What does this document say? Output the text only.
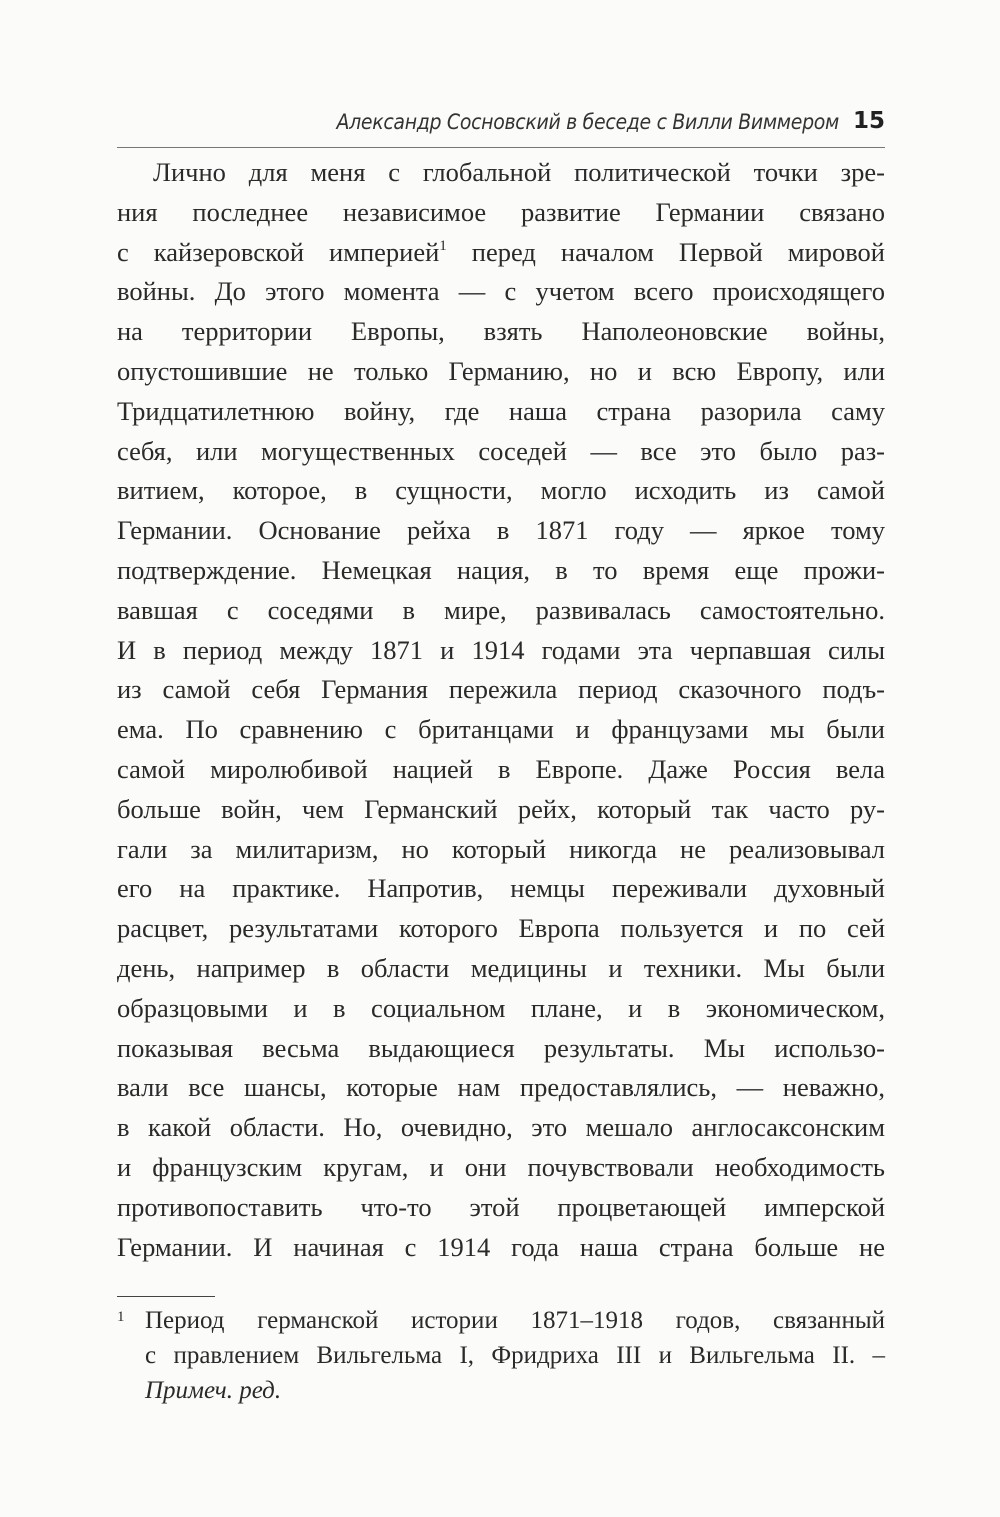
Александр Сосновский в беседе с Вилли Виммером 15
Лично для меня с глобальной политической точки зре-
ния последнее независимое развитие Германии связано
с кайзеровской империей$^1$ перед началом Первой мировой
войны. До этого момента — с учетом всего происходящего
на территории Европы, взять Наполеоновские войны,
опустошившие не только Германию, но и всю Европу, или
Тридцатилетнюю войну, где наша страна разорила саму
себя, или могущественных соседей — все это было раз-
витием, которое, в сущности, могло исходить из самой
Германии. Основание рейха в 1871 году — яркое тому
подтверждение. Немецкая нация, в то время еще прожи-
вавшая с соседями в мире, развивалась самостоятельно.
И в период между 1871 и 1914 годами эта черпавшая силы
из самой себя Германия пережила период сказочного подъ-
ема. По сравнению с британцами и французами мы были
самой миролюбивой нацией в Европе. Даже Россия вела
больше войн, чем Германский рейх, который так часто ру-
гали за милитаризм, но который никогда не реализовывал
его на практике. Напротив, немцы переживали духовный
расцвет, результатами которого Европа пользуется и по сей
день, например в области медицины и техники. Мы были
образцовыми и в социальном плане, и в экономическом,
показывая весьма выдающиеся результаты. Мы использо-
вали все шансы, которые нам предоставлялись, — неважно,
в какой области. Но, очевидно, это мешало англосаксонским
и французским кругам, и они почувствовали необходимость
противопоставить что-то этой процветающей имперской
Германии. И начиная с 1914 года наша страна больше не
1 Период германской истории 1871–1918 годов, связанный
с правлением Вильгельма I, Фридриха III и Вильгельма II. –
Примеч. ред.
